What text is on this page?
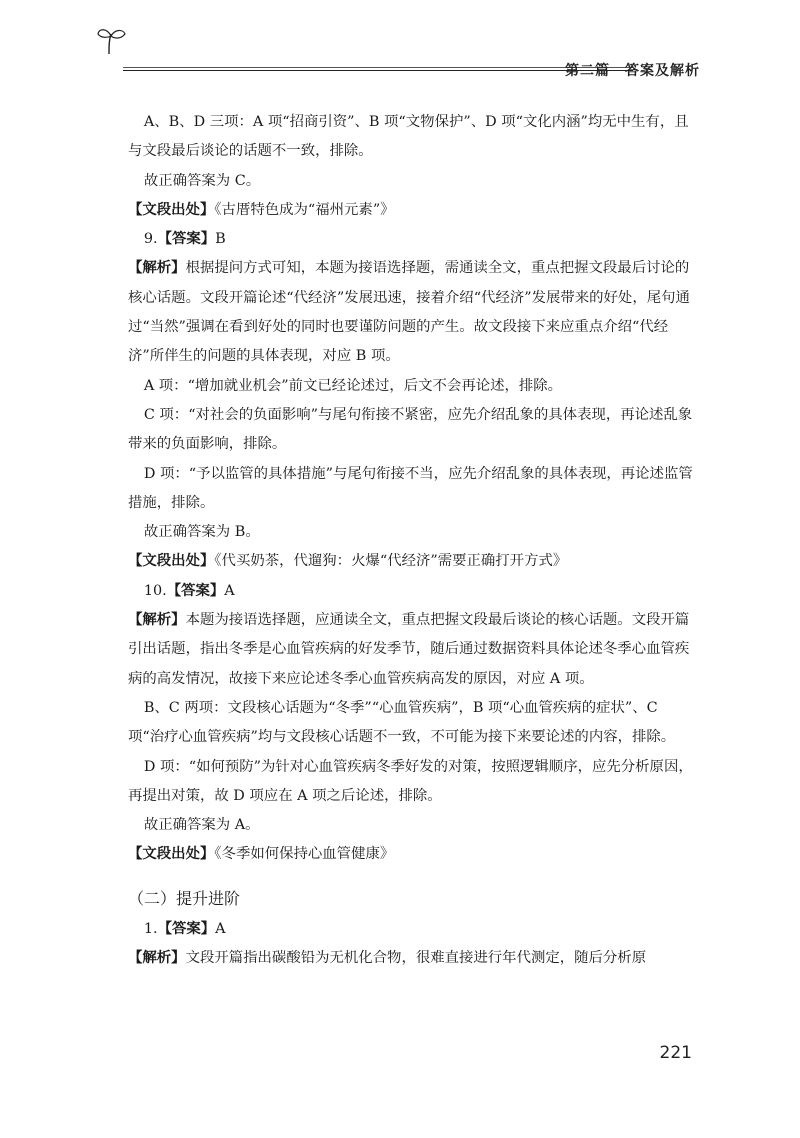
第二篇　答案及解析

A、B、D 三项：A 项“招商引资”、B 项“文物保护”、D 项“文化内涵”均无中生有，且与文段最后谈论的话题不一致，排除。

故正确答案为 C。

【文段出处】《古厝特色成为“福州元素”》

9.【答案】B

【解析】根据提问方式可知，本题为接语选择题，需通读全文，重点把握文段最后讨论的核心话题。文段开篇论述“代经济”发展迅速，接着介绍“代经济”发展带来的好处，尾句通过“当然”强调在看到好处的同时也要谨防问题的产生。故文段接下来应重点介绍“代经济”所伴生的问题的具体表现，对应 B 项。

A 项：“增加就业机会”前文已经论述过，后文不会再论述，排除。

C 项：“对社会的负面影响”与尾句衔接不紧密，应先介绍乱象的具体表现，再论述乱象带来的负面影响，排除。

D 项：“予以监管的具体措施”与尾句衔接不当，应先介绍乱象的具体表现，再论述监管措施，排除。

故正确答案为 B。

【文段出处】《代买奶茶，代遛狗：火爆“代经济”需要正确打开方式》

10.【答案】A

【解析】本题为接语选择题，应通读全文，重点把握文段最后谈论的核心话题。文段开篇引出话题，指出冬季是心血管疾病的好发季节，随后通过数据资料具体论述冬季心血管疾病的高发情况，故接下来应论述冬季心血管疾病高发的原因，对应 A 项。

B、C 两项：文段核心话题为“冬季”“心血管疾病”，B 项“心血管疾病的症状”、C 项“治疗心血管疾病”均与文段核心话题不一致，不可能为接下来要论述的内容，排除。

D 项：“如何预防”为针对心血管疾病冬季好发的对策，按照逻辑顺序，应先分析原因，再提出对策，故 D 项应在 A 项之后论述，排除。

故正确答案为 A。

【文段出处】《冬季如何保持心血管健康》

（二）提升进阶

1.【答案】A

【解析】文段开篇指出碳酸铅为无机化合物，很难直接进行年代测定，随后分析原

221
